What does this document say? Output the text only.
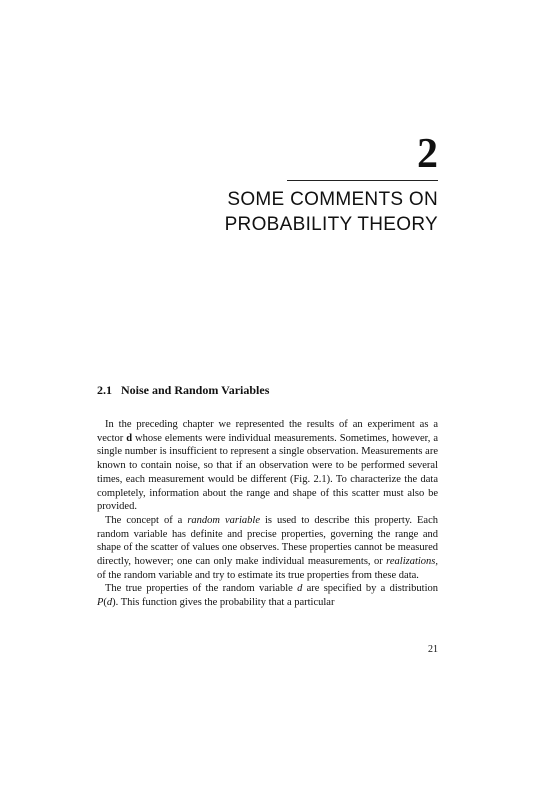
2
SOME COMMENTS ON
PROBABILITY THEORY
2.1 Noise and Random Variables

In the preceding chapter we represented the results of an experiment as a vector d whose elements were individual measurements. Sometimes, however, a single number is insufficient to represent a single observation. Measurements are known to contain noise, so that if an observation were to be performed several times, each measurement would be different (Fig. 2.1). To characterize the data completely, information about the range and shape of this scatter must also be provided.

The concept of a random variable is used to describe this property. Each random variable has definite and precise properties, governing the range and shape of the scatter of values one observes. These properties cannot be measured directly, however; one can only make individual measurements, or realizations, of the random variable and try to estimate its true properties from these data.

The true properties of the random variable d are specified by a distribution P(d). This function gives the probability that a particular

21
